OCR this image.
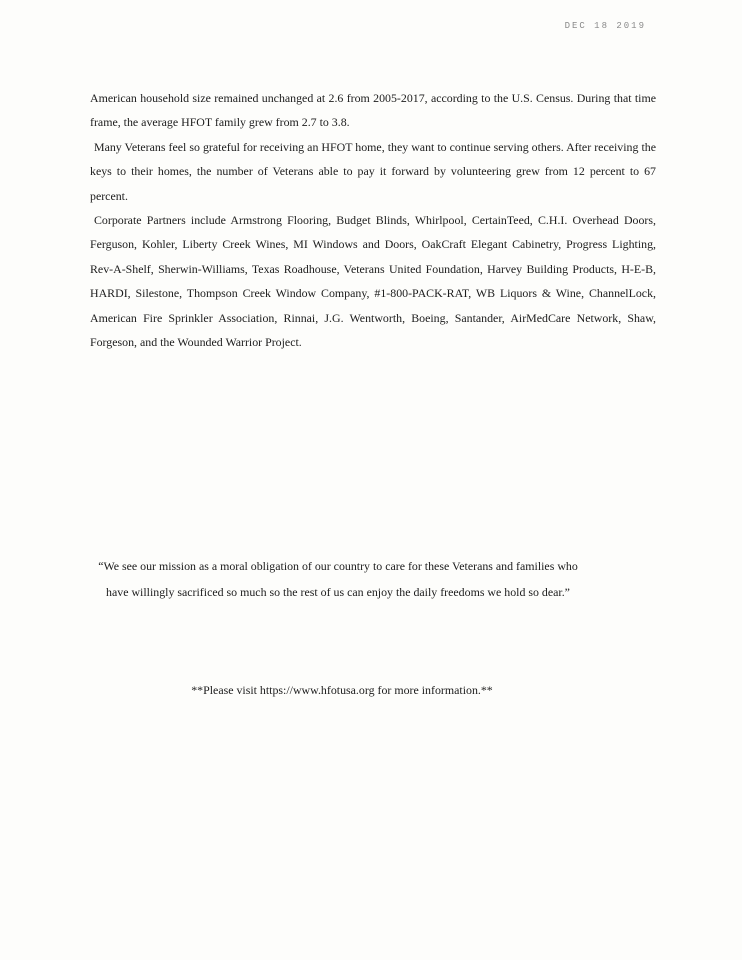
DEC 18 2019

American household size remained unchanged at 2.6 from 2005-2017, according to the U.S. Census. During that time frame, the average HFOT family grew from 2.7 to 3.8.

Many Veterans feel so grateful for receiving an HFOT home, they want to continue serving others. After receiving the keys to their homes, the number of Veterans able to pay it forward by volunteering grew from 12 percent to 67 percent.

Corporate Partners include Armstrong Flooring, Budget Blinds, Whirlpool, CertainTeed, C.H.I. Overhead Doors, Ferguson, Kohler, Liberty Creek Wines, MI Windows and Doors, OakCraft Elegant Cabinetry, Progress Lighting, Rev-A-Shelf, Sherwin-Williams, Texas Roadhouse, Veterans United Foundation, Harvey Building Products, H-E-B, HARDI, Silestone, Thompson Creek Window Company, #1-800-PACK-RAT, WB Liquors & Wine, ChannelLock, American Fire Sprinkler Association, Rinnai, J.G. Wentworth, Boeing, Santander, AirMedCare Network, Shaw, Forgeson, and the Wounded Warrior Project.

“We see our mission as a moral obligation of our country to care for these Veterans and families who have willingly sacrificed so much so the rest of us can enjoy the daily freedoms we hold so dear.”

**Please visit https://www.hfotusa.org for more information.**
